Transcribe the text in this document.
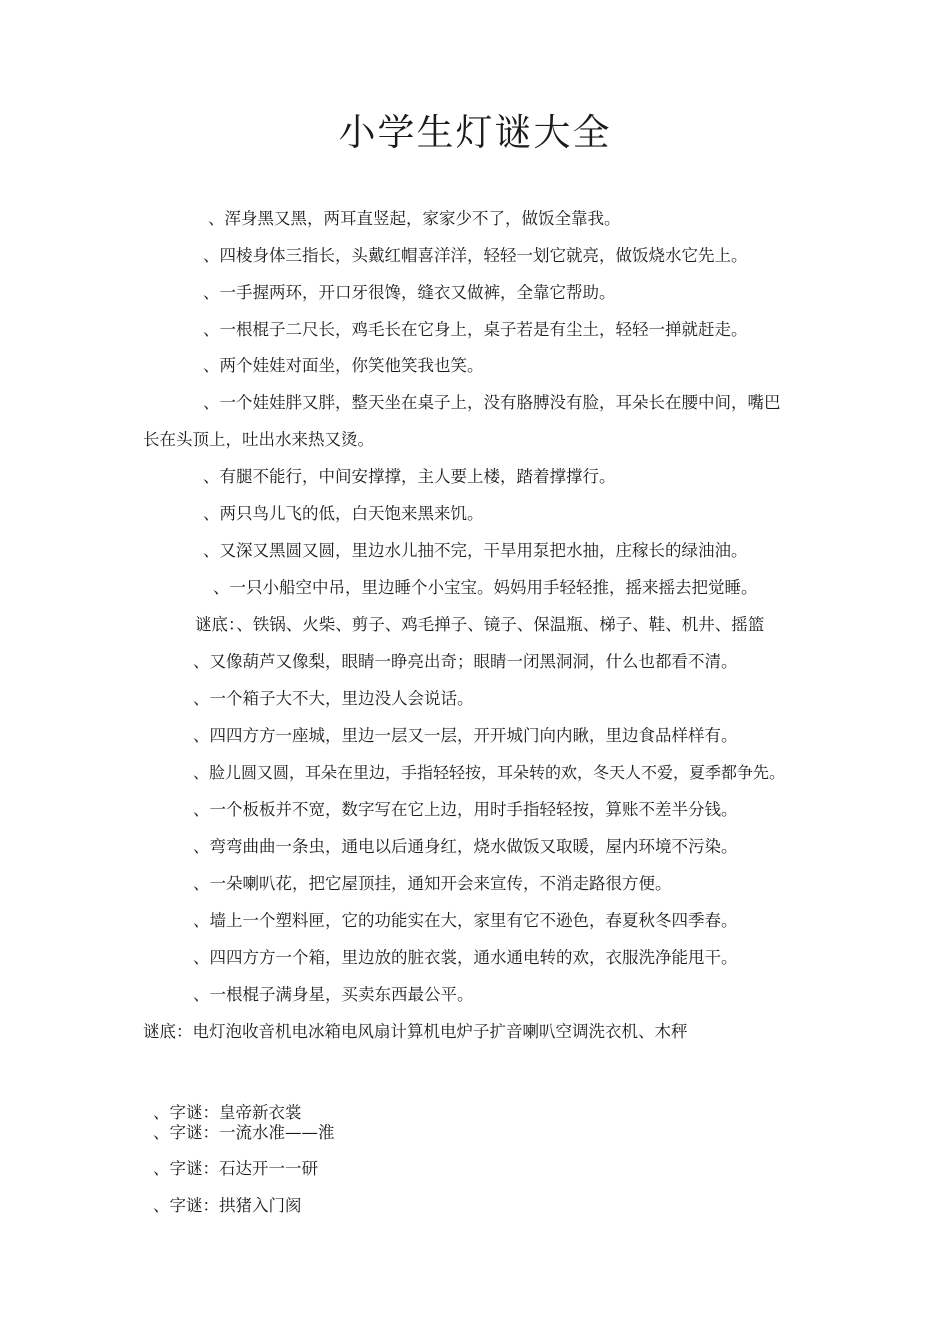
小学生灯谜大全
、浑身黑又黑，两耳直竖起，家家少不了，做饭全靠我。
、四棱身体三指长，头戴红帽喜洋洋，轻轻一划它就亮，做饭烧水它先上。
、一手握两环，开口牙很馋，缝衣又做裤，全靠它帮助。
、一根棍子二尺长，鸡毛长在它身上，桌子若是有尘土，轻轻一掸就赶走。
、两个娃娃对面坐，你笑他笑我也笑。
、一个娃娃胖又胖，整天坐在桌子上，没有胳膊没有脸，耳朵长在腰中间，嘴巴
长在头顶上，吐出水来热又烫。
、有腿不能行，中间安撑撑，主人要上楼，踏着撑撑行。
、两只鸟儿飞的低，白天饱来黑来饥。
、又深又黑圆又圆，里边水儿抽不完，干旱用泵把水抽，庄稼长的绿油油。
、一只小船空中吊，里边睡个小宝宝。妈妈用手轻轻推，摇来摇去把觉睡。
谜底：、铁锅、火柴、剪子、鸡毛掸子、镜子、保温瓶、梯子、鞋、机井、摇篮
、又像葫芦又像梨，眼睛一睁亮出奇；眼睛一闭黑洞洞，什么也都看不清。
、一个箱子大不大，里边没人会说话。
、四四方方一座城，里边一层又一层，开开城门向内瞅，里边食品样样有。
、脸儿圆又圆，耳朵在里边，手指轻轻按，耳朵转的欢，冬天人不爱，夏季都争先。
、一个板板并不宽，数字写在它上边，用时手指轻轻按，算账不差半分钱。
、弯弯曲曲一条虫，通电以后通身红，烧水做饭又取暖，屋内环境不污染。
、一朵喇叭花，把它屋顶挂，通知开会来宣传，不消走路很方便。
、墙上一个塑料匣，它的功能实在大，家里有它不逊色，春夏秋冬四季春。
、四四方方一个箱，里边放的脏衣裳，通水通电转的欢，衣服洗净能甩干。
、一根棍子满身星，买卖东西最公平。
谜底：电灯泡收音机电冰箱电风扇计算机电炉子扩音喇叭空调洗衣机、木秤
、字谜：皇帝新衣裳
、字谜：一流水准——淮
、字谜：石达开一一研
、字谜：拱猪入门阂
